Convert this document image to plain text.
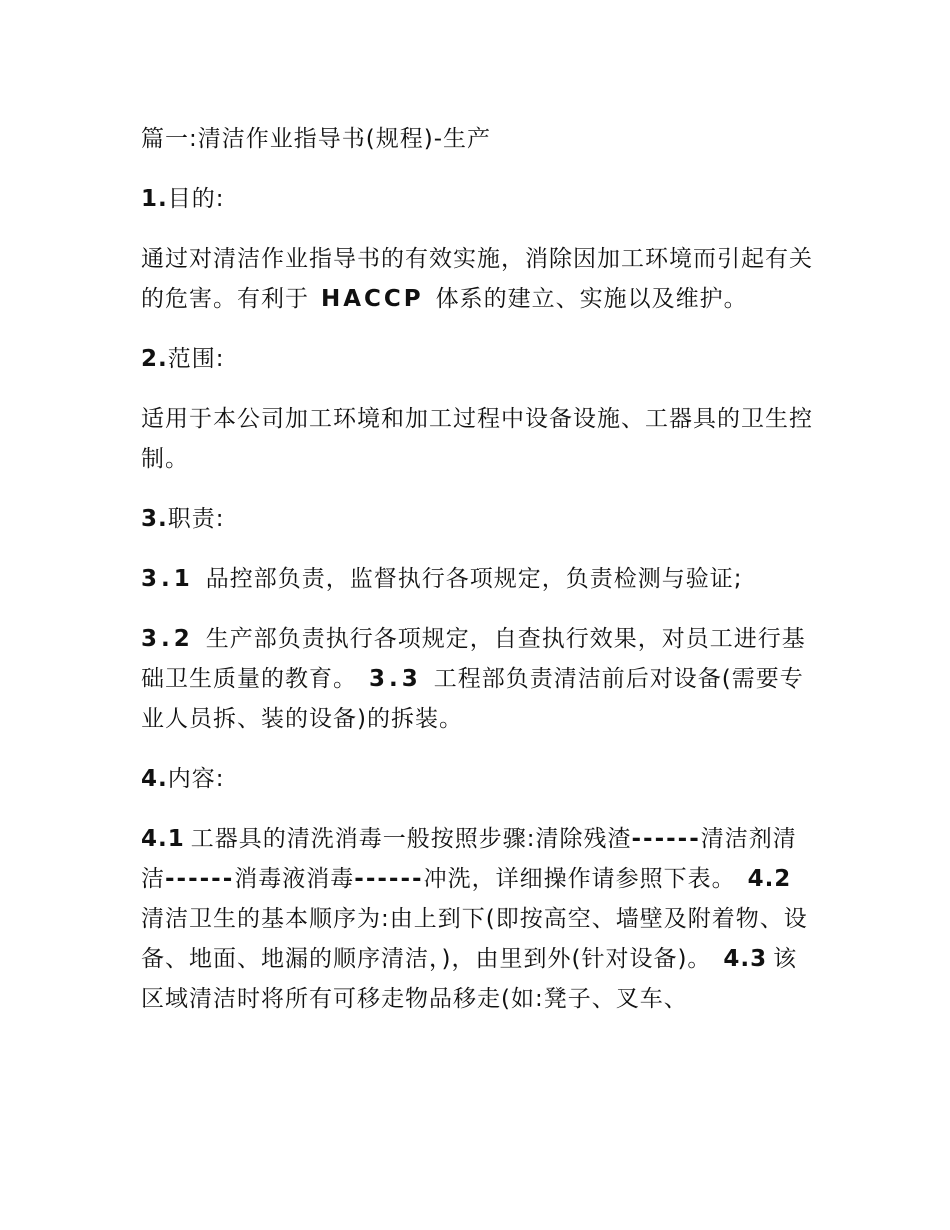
篇一:清洁作业指导书(规程)-生产

1.目的:

通过对清洁作业指导书的有效实施，消除因加工环境而引起有关的危害。有利于 HACCP 体系的建立、实施以及维护。

2.范围:

适用于本公司加工环境和加工过程中设备设施、工器具的卫生控制。

3.职责:

3.1 品控部负责，监督执行各项规定，负责检测与验证;

3.2 生产部负责执行各项规定，自查执行效果，对员工进行基础卫生质量的教育。 3.3 工程部负责清洁前后对设备(需要专业人员拆、装的设备)的拆装。

4.内容:

4.1 工器具的清洗消毒一般按照步骤:清除残渣------清洁剂清洁------消毒液消毒------冲洗，详细操作请参照下表。 4.2清洁卫生的基本顺序为:由上到下(即按高空、墙壁及附着物、设备、地面、地漏的顺序清洁，)，由里到外(针对设备)。 4.3 该区域清洁时将所有可移走物品移走(如:凳子、叉车、
